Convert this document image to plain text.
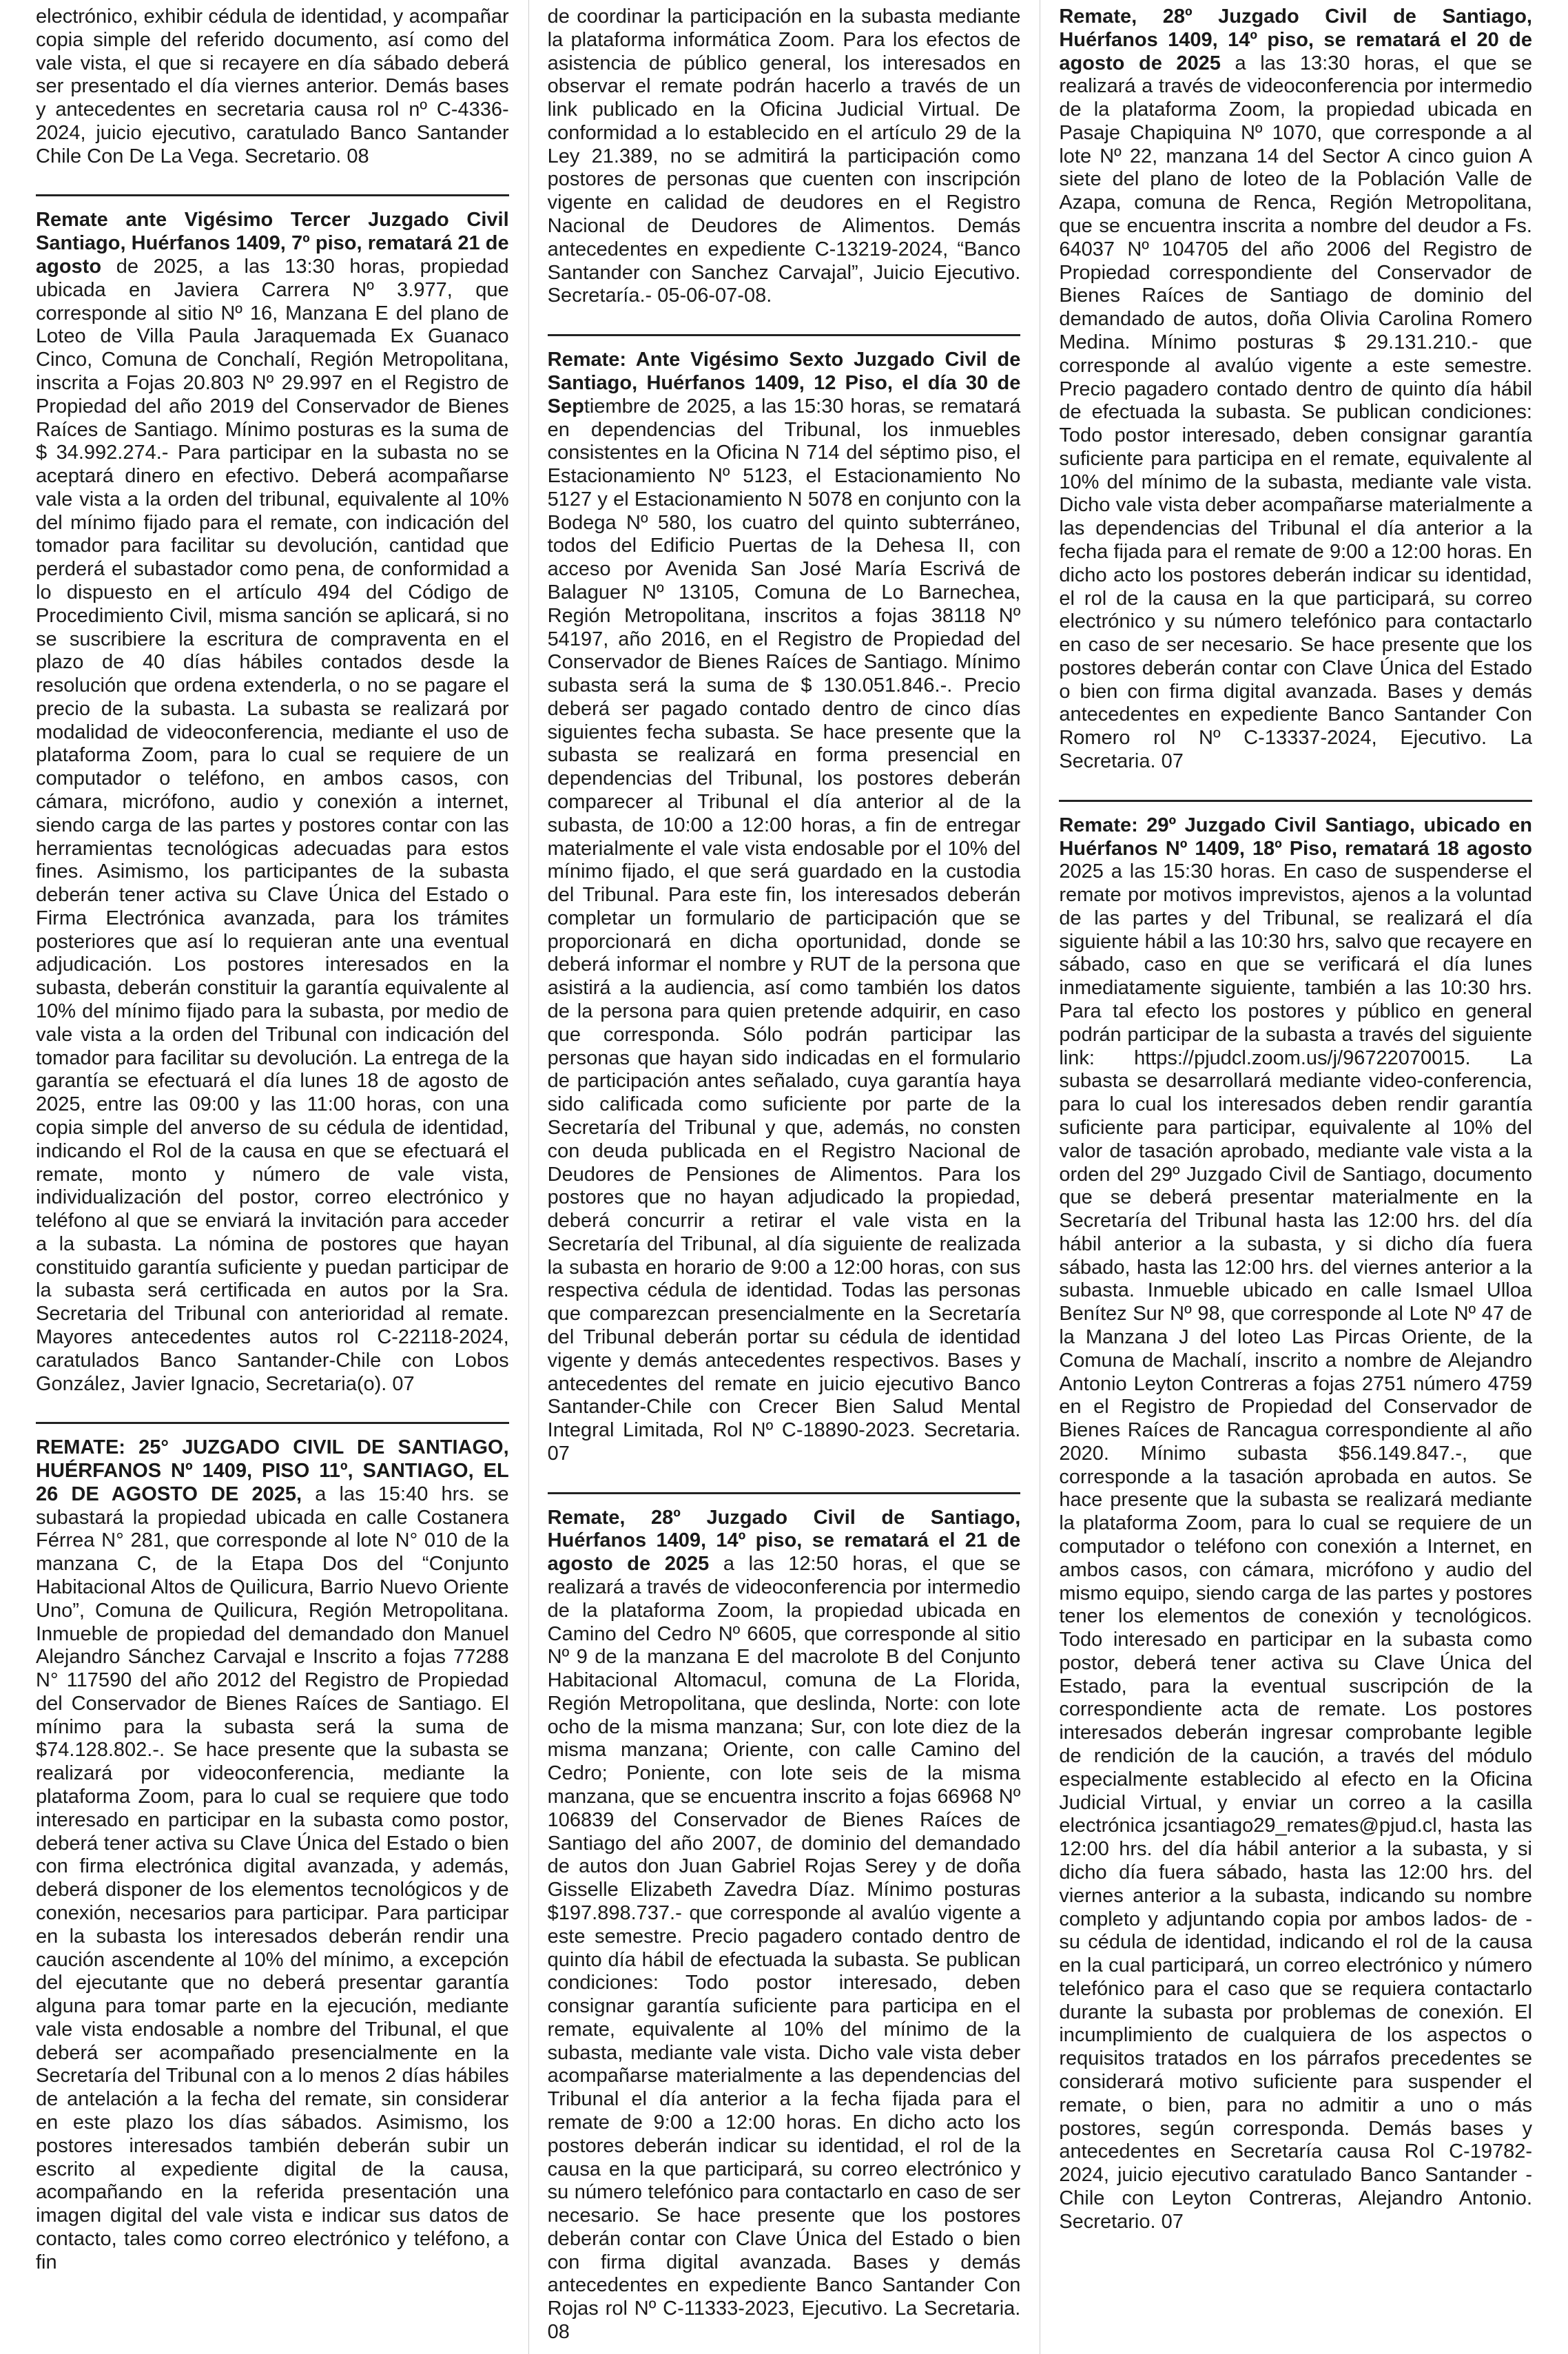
electrónico, exhibir cédula de identidad, y acompañar copia simple del referido documento, así como del vale vista, el que si recayere en día sábado deberá ser presentado el día viernes anterior. Demás bases y antecedentes en secretaria causa rol nº C-4336-2024, juicio ejecutivo, caratulado Banco Santander Chile Con De La Vega. Secretario. 08

Remate ante Vigésimo Tercer Juzgado Civil Santiago, Huérfanos 1409, 7º piso, rematará 21 de agosto de 2025, a las 13:30 horas, propiedad ubicada en Javiera Carrera Nº 3.977, que corresponde al sitio Nº 16, Manzana E del plano de Loteo de Villa Paula Jaraquemada Ex Guanaco Cinco, Comuna de Conchalí, Región Metropolitana, inscrita a Fojas 20.803 Nº 29.997 en el Registro de Propiedad del año 2019 del Conservador de Bienes Raíces de Santiago. Mínimo posturas es la suma de $ 34.992.274.- Para participar en la subasta no se aceptará dinero en efectivo. Deberá acompañarse vale vista a la orden del tribunal, equivalente al 10% del mínimo fijado para el remate, con indicación del tomador para facilitar su devolución, cantidad que perderá el subastador como pena, de conformidad a lo dispuesto en el artículo 494 del Código de Procedimiento Civil, misma sanción se aplicará, si no se suscribiere la escritura de compraventa en el plazo de 40 días hábiles contados desde la resolución que ordena extenderla, o no se pagare el precio de la subasta. La subasta se realizará por modalidad de videoconferencia, mediante el uso de plataforma Zoom, para lo cual se requiere de un computador o teléfono, en ambos casos, con cámara, micrófono, audio y conexión a internet, siendo carga de las partes y postores contar con las herramientas tecnológicas adecuadas para estos fines. Asimismo, los participantes de la subasta deberán tener activa su Clave Única del Estado o Firma Electrónica avanzada, para los trámites posteriores que así lo requieran ante una eventual adjudicación. Los postores interesados en la subasta, deberán constituir la garantía equivalente al 10% del mínimo fijado para la subasta, por medio de vale vista a la orden del Tribunal con indicación del tomador para facilitar su devolución. La entrega de la garantía se efectuará el día lunes 18 de agosto de 2025, entre las 09:00 y las 11:00 horas, con una copia simple del anverso de su cédula de identidad, indicando el Rol de la causa en que se efectuará el remate, monto y número de vale vista, individualización del postor, correo electrónico y teléfono al que se enviará la invitación para acceder a la subasta. La nómina de postores que hayan constituido garantía suficiente y puedan participar de la subasta será certificada en autos por la Sra. Secretaria del Tribunal con anterioridad al remate. Mayores antecedentes autos rol C-22118-2024, caratulados Banco Santander-Chile con Lobos González, Javier Ignacio, Secretaria(o). 07

REMATE: 25° JUZGADO CIVIL DE SANTIAGO, HUÉRFANOS Nº 1409, PISO 11º, SANTIAGO, EL 26 DE AGOSTO DE 2025, a las 15:40 hrs. se subastará la propiedad ubicada en calle Costanera Férrea N° 281, que corresponde al lote N° 010 de la manzana C, de la Etapa Dos del “Conjunto Habitacional Altos de Quilicura, Barrio Nuevo Oriente Uno”, Comuna de Quilicura, Región Metropolitana. Inmueble de propiedad del demandado don Manuel Alejandro Sánchez Carvajal e Inscrito a fojas 77288 N° 117590 del año 2012 del Registro de Propiedad del Conservador de Bienes Raíces de Santiago. El mínimo para la subasta será la suma de $74.128.802.-. Se hace presente que la subasta se realizará por videoconferencia, mediante la plataforma Zoom, para lo cual se requiere que todo interesado en participar en la subasta como postor, deberá tener activa su Clave Única del Estado o bien con firma electrónica digital avanzada, y además, deberá disponer de los elementos tecnológicos y de conexión, necesarios para participar. Para participar en la subasta los interesados deberán rendir una caución ascendente al 10% del mínimo, a excepción del ejecutante que no deberá presentar garantía alguna para tomar parte en la ejecución, mediante vale vista endosable a nombre del Tribunal, el que deberá ser acompañado presencialmente en la Secretaría del Tribunal con a lo menos 2 días hábiles de antelación a la fecha del remate, sin considerar en este plazo los días sábados. Asimismo, los postores interesados también deberán subir un escrito al expediente digital de la causa, acompañando en la referida presentación una imagen digital del vale vista e indicar sus datos de contacto, tales como correo electrónico y teléfono, a fin

de coordinar la participación en la subasta mediante la plataforma informática Zoom. Para los efectos de asistencia de público general, los interesados en observar el remate podrán hacerlo a través de un link publicado en la Oficina Judicial Virtual. De conformidad a lo establecido en el artículo 29 de la Ley 21.389, no se admitirá la participación como postores de personas que cuenten con inscripción vigente en calidad de deudores en el Registro Nacional de Deudores de Alimentos. Demás antecedentes en expediente C-13219-2024, “Banco Santander con Sanchez Carvajal”, Juicio Ejecutivo. Secretaría.- 05-06-07-08.

Remate: Ante Vigésimo Sexto Juzgado Civil de Santiago, Huérfanos 1409, 12 Piso, el día 30 de Septiembre de 2025, a las 15:30 horas, se rematará en dependencias del Tribunal, los inmuebles consistentes en la Oficina N 714 del séptimo piso, el Estacionamiento Nº 5123, el Estacionamiento No 5127 y el Estacionamiento N 5078 en conjunto con la Bodega Nº 580, los cuatro del quinto subterráneo, todos del Edificio Puertas de la Dehesa II, con acceso por Avenida San José María Escrivá de Balaguer Nº 13105, Comuna de Lo Barnechea, Región Metropolitana, inscritos a fojas 38118 Nº 54197, año 2016, en el Registro de Propiedad del Conservador de Bienes Raíces de Santiago. Mínimo subasta será la suma de $ 130.051.846.-. Precio deberá ser pagado contado dentro de cinco días siguientes fecha subasta. Se hace presente que la subasta se realizará en forma presencial en dependencias del Tribunal, los postores deberán comparecer al Tribunal el día anterior al de la subasta, de 10:00 a 12:00 horas, a fin de entregar materialmente el vale vista endosable por el 10% del mínimo fijado, el que será guardado en la custodia del Tribunal. Para este fin, los interesados deberán completar un formulario de participación que se proporcionará en dicha oportunidad, donde se deberá informar el nombre y RUT de la persona que asistirá a la audiencia, así como también los datos de la persona para quien pretende adquirir, en caso que corresponda. Sólo podrán participar las personas que hayan sido indicadas en el formulario de participación antes señalado, cuya garantía haya sido calificada como suficiente por parte de la Secretaría del Tribunal y que, además, no consten con deuda publicada en el Registro Nacional de Deudores de Pensiones de Alimentos. Para los postores que no hayan adjudicado la propiedad, deberá concurrir a retirar el vale vista en la Secretaría del Tribunal, al día siguiente de realizada la subasta en horario de 9:00 a 12:00 horas, con sus respectiva cédula de identidad. Todas las personas que comparezcan presencialmente en la Secretaría del Tribunal deberán portar su cédula de identidad vigente y demás antecedentes respectivos. Bases y antecedentes del remate en juicio ejecutivo Banco Santander-Chile con Crecer Bien Salud Mental Integral Limitada, Rol Nº C-18890-2023. Secretaria. 07

Remate, 28º Juzgado Civil de Santiago, Huérfanos 1409, 14º piso, se rematará el 21 de agosto de 2025 a las 12:50 horas, el que se realizará a través de videoconferencia por intermedio de la plataforma Zoom, la propiedad ubicada en Camino del Cedro Nº 6605, que corresponde al sitio Nº 9 de la manzana E del macrolote B del Conjunto Habitacional Altomacul, comuna de La Florida, Región Metropolitana, que deslinda, Norte: con lote ocho de la misma manzana; Sur, con lote diez de la misma manzana; Oriente, con calle Camino del Cedro; Poniente, con lote seis de la misma manzana, que se encuentra inscrito a fojas 66968 Nº 106839 del Conservador de Bienes Raíces de Santiago del año 2007, de dominio del demandado de autos don Juan Gabriel Rojas Serey y de doña Gisselle Elizabeth Zavedra Díaz. Mínimo posturas $197.898.737.- que corresponde al avalúo vigente a este semestre. Precio pagadero contado dentro de quinto día hábil de efectuada la subasta. Se publican condiciones: Todo postor interesado, deben consignar garantía suficiente para participa en el remate, equivalente al 10% del mínimo de la subasta, mediante vale vista. Dicho vale vista deber acompañarse materialmente a las dependencias del Tribunal el día anterior a la fecha fijada para el remate de 9:00 a 12:00 horas. En dicho acto los postores deberán indicar su identidad, el rol de la causa en la que participará, su correo electrónico y su número telefónico para contactarlo en caso de ser necesario. Se hace presente que los postores deberán contar con Clave Única del Estado o bien con firma digital avanzada. Bases y demás antecedentes en expediente Banco Santander Con Rojas rol Nº C-11333-2023, Ejecutivo. La Secretaria. 08

Remate, 28º Juzgado Civil de Santiago, Huérfanos 1409, 14º piso, se rematará el 20 de agosto de 2025 a las 13:30 horas, el que se realizará a través de videoconferencia por intermedio de la plataforma Zoom, la propiedad ubicada en Pasaje Chapiquina Nº 1070, que corresponde a al lote Nº 22, manzana 14 del Sector A cinco guion A siete del plano de loteo de la Población Valle de Azapa, comuna de Renca, Región Metropolitana, que se encuentra inscrita a nombre del deudor a Fs. 64037 Nº 104705 del año 2006 del Registro de Propiedad correspondiente del Conservador de Bienes Raíces de Santiago de dominio del demandado de autos, doña Olivia Carolina Romero Medina. Mínimo posturas $ 29.131.210.- que corresponde al avalúo vigente a este semestre. Precio pagadero contado dentro de quinto día hábil de efectuada la subasta. Se publican condiciones: Todo postor interesado, deben consignar garantía suficiente para participa en el remate, equivalente al 10% del mínimo de la subasta, mediante vale vista. Dicho vale vista deber acompañarse materialmente a las dependencias del Tribunal el día anterior a la fecha fijada para el remate de 9:00 a 12:00 horas. En dicho acto los postores deberán indicar su identidad, el rol de la causa en la que participará, su correo electrónico y su número telefónico para contactarlo en caso de ser necesario. Se hace presente que los postores deberán contar con Clave Única del Estado o bien con firma digital avanzada. Bases y demás antecedentes en expediente Banco Santander Con Romero rol Nº C-13337-2024, Ejecutivo. La Secretaria. 07

Remate: 29º Juzgado Civil Santiago, ubicado en Huérfanos Nº 1409, 18º Piso, rematará 18 agosto 2025 a las 15:30 horas. En caso de suspenderse el remate por motivos imprevistos, ajenos a la voluntad de las partes y del Tribunal, se realizará el día siguiente hábil a las 10:30 hrs, salvo que recayere en sábado, caso en que se verificará el día lunes inmediatamente siguiente, también a las 10:30 hrs. Para tal efecto los postores y público en general podrán participar de la subasta a través del siguiente link: https://pjudcl.zoom.us/j/96722070015. La subasta se desarrollará mediante video-conferencia, para lo cual los interesados deben rendir garantía suficiente para participar, equivalente al 10% del valor de tasación aprobado, mediante vale vista a la orden del 29º Juzgado Civil de Santiago, documento que se deberá presentar materialmente en la Secretaría del Tribunal hasta las 12:00 hrs. del día hábil anterior a la subasta, y si dicho día fuera sábado, hasta las 12:00 hrs. del viernes anterior a la subasta. Inmueble ubicado en calle Ismael Ulloa Benítez Sur Nº 98, que corresponde al Lote Nº 47 de la Manzana J del loteo Las Pircas Oriente, de la Comuna de Machalí, inscrito a nombre de Alejandro Antonio Leyton Contreras a fojas 2751 número 4759 en el Registro de Propiedad del Conservador de Bienes Raíces de Rancagua correspondiente al año 2020. Mínimo subasta $56.149.847.-, que corresponde a la tasación aprobada en autos. Se hace presente que la subasta se realizará mediante la plataforma Zoom, para lo cual se requiere de un computador o teléfono con conexión a Internet, en ambos casos, con cámara, micrófono y audio del mismo equipo, siendo carga de las partes y postores tener los elementos de conexión y tecnológicos. Todo interesado en participar en la subasta como postor, deberá tener activa su Clave Única del Estado, para la eventual suscripción de la correspondiente acta de remate. Los postores interesados deberán ingresar comprobante legible de rendición de la caución, a través del módulo especialmente establecido al efecto en la Oficina Judicial Virtual, y enviar un correo a la casilla electrónica jcsantiago29_remates@pjud.cl, hasta las 12:00 hrs. del día hábil anterior a la subasta, y si dicho día fuera sábado, hasta las 12:00 hrs. del viernes anterior a la subasta, indicando su nombre completo y adjuntando copia por ambos lados- de -su cédula de identidad, indicando el rol de la causa en la cual participará, un correo electrónico y número telefónico para el caso que se requiera contactarlo durante la subasta por problemas de conexión. El incumplimiento de cualquiera de los aspectos o requisitos tratados en los párrafos precedentes se considerará motivo suficiente para suspender el remate, o bien, para no admitir a uno o más postores, según corresponda. Demás bases y antecedentes en Secretaría causa Rol C-19782-2024, juicio ejecutivo caratulado Banco Santander - Chile con Leyton Contreras, Alejandro Antonio. Secretario. 07
